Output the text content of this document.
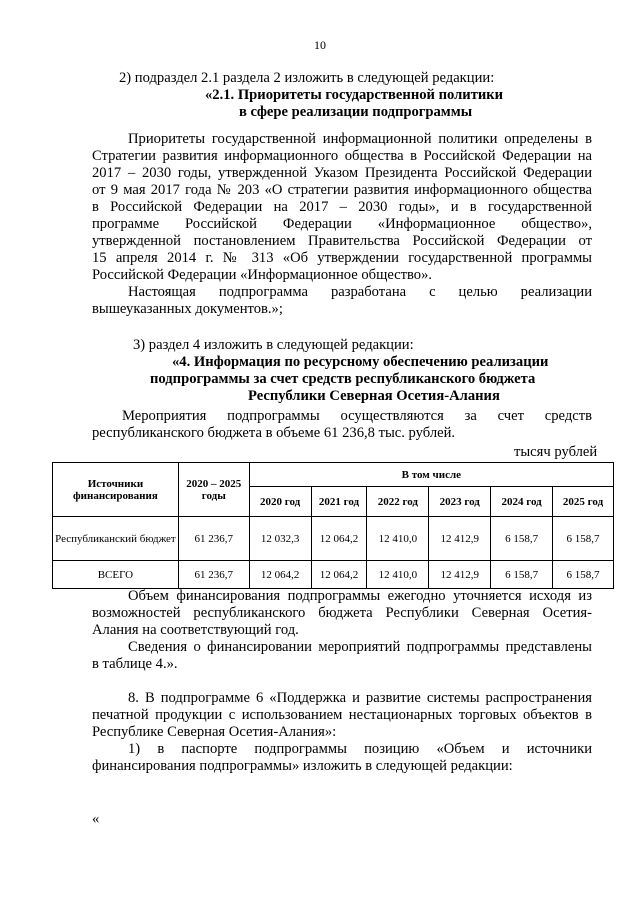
10
2) подраздел 2.1 раздела 2 изложить в следующей редакции:
«2.1. Приоритеты государственной политики
в сфере реализации подпрограммы
Приоритеты государственной информационной политики определены в
Стратегии развития информационного общества в Российской Федерации на
2017 – 2030 годы, утвержденной Указом Президента Российской Федерации
от 9 мая 2017 года № 203 «О стратегии развития информационного общества
в Российской Федерации на 2017 – 2030 годы», и в государственной
программе Российской Федерации «Информационное общество»,
утвержденной постановлением Правительства Российской Федерации от
15 апреля 2014 г. № 313 «Об утверждении государственной программы
Российской Федерации «Информационное общество».
Настоящая подпрограмма разработана с целью реализации
вышеуказанных документов.»;
3) раздел 4 изложить в следующей редакции:
«4. Информация по ресурсному обеспечению реализации
подпрограммы за счет средств республиканского бюджета
Республики Северная Осетия-Алания
Мероприятия подпрограммы осуществляются за счет средств
республиканского бюджета в объеме 61 236,8 тыс. рублей.
тысяч рублей
Источники финансирования	2020 – 2025 годы	В том числе					
		2020 год	2021 год	2022 год	2023 год	2024 год	2025 год
Республиканский бюджет	61 236,7	12 032,3	12 064,2	12 410,0	12 412,9	6 158,7	6 158,7
ВСЕГО	61 236,7	12 064,2	12 064,2	12 410,0	12 412,9	6 158,7	6 158,7
Объем финансирования подпрограммы ежегодно уточняется исходя из
возможностей республиканского бюджета Республики Северная Осетия-
Алания на соответствующий год.
Сведения о финансировании мероприятий подпрограммы представлены
в таблице 4.».
8. В подпрограмме 6 «Поддержка и развитие системы распространения
печатной продукции с использованием нестационарных торговых объектов в
Республике Северная Осетия-Алания»:
1) в паспорте подпрограммы позицию «Объем и источники
финансирования подпрограммы» изложить в следующей редакции:
«
